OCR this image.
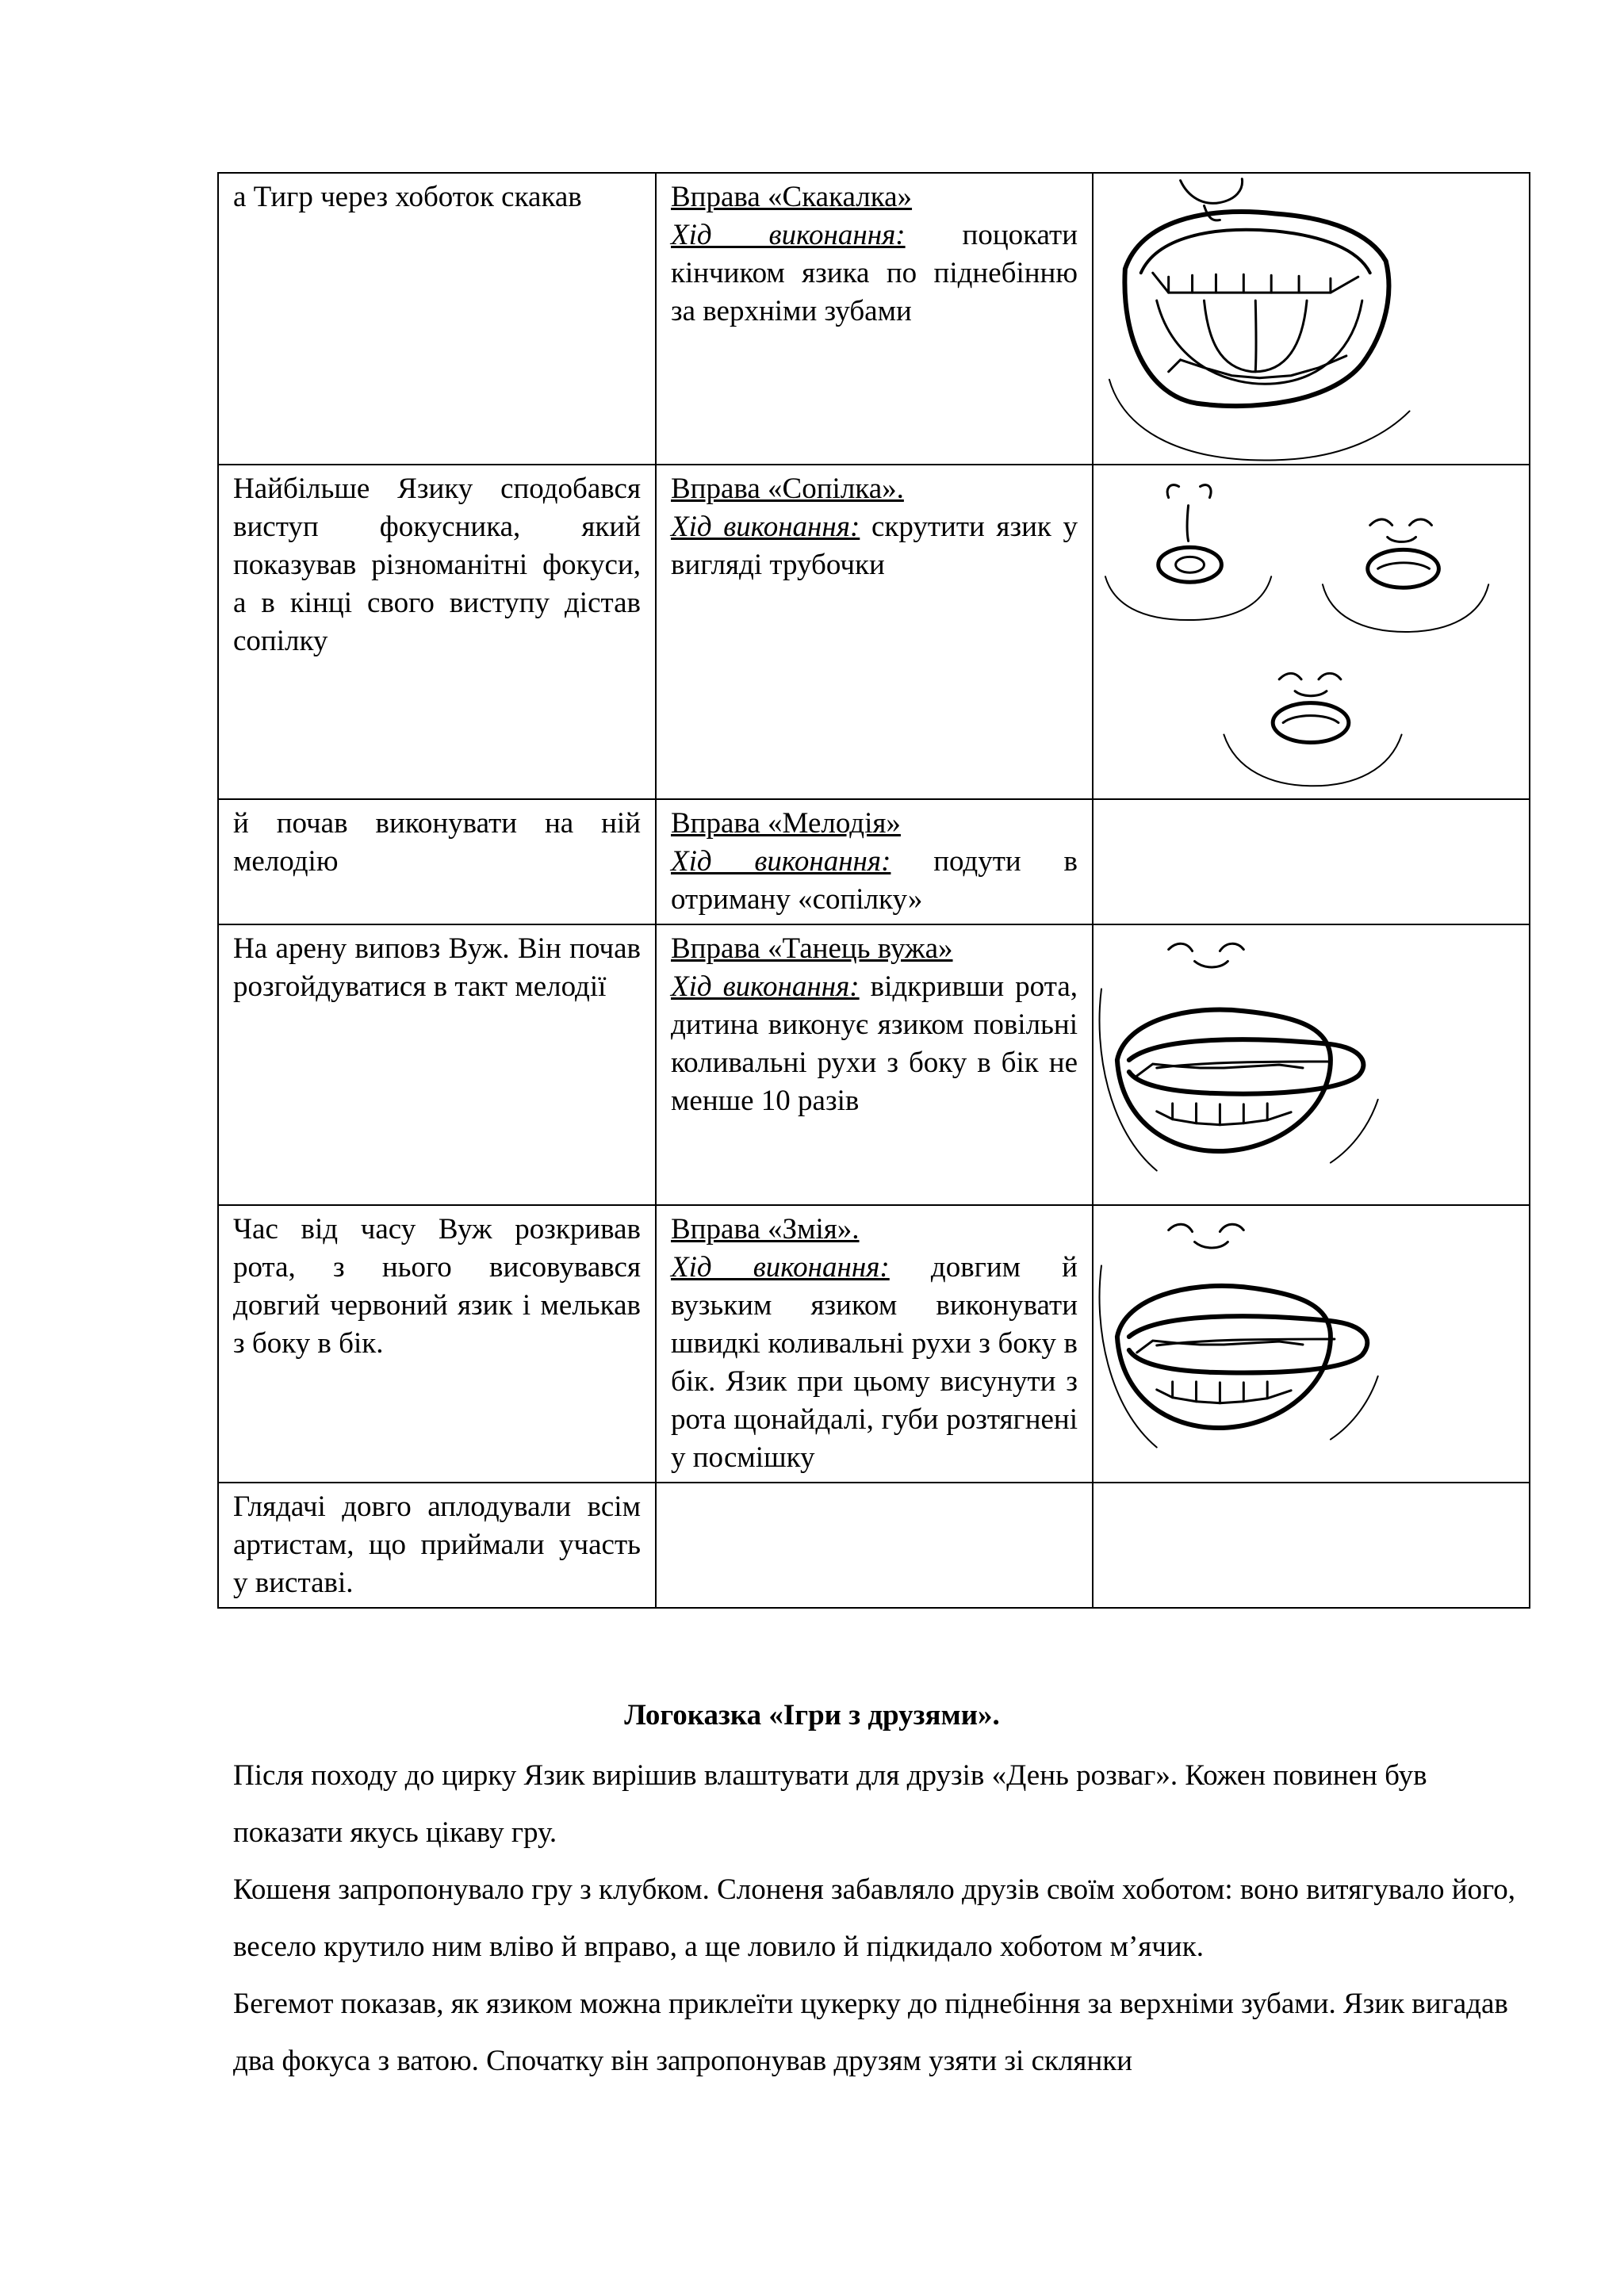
а Тигр через хоботок скакав	Вправа «Скакалка»
Хід виконання: поцокати кінчиком язика по піднебінню за верхніми зубами	

Найбільше Язику сподобався виступ фокусника, який показував різноманітні фокуси, а в кінці свого виступу дістав сопілку	Вправа «Сопілка».
Хід виконання: скрутити язик у вигляді трубочки	

й почав виконувати на ній мелодію	Вправа «Мелодія»
Хід виконання: подути в отриману «сопілку»	
На арену виповз Вуж. Він почав розгойдуватися в такт мелодії	Вправа «Танець вужа»
Хід виконання: відкривши рота, дитина виконує язиком повільні коливальні рухи з боку в бік не менше 10 разів	

Час від часу Вуж розкривав рота, з нього висовувався довгий червоний язик і мелькав з боку в бік.	Вправа «Змія».
Хід виконання: довгим й вузьким язиком виконувати швидкі коливальні рухи з боку в бік. Язик при цьому висунути з рота щонайдалі, губи розтягнені у посмішку	

Глядачі довго аплодували всім артистам, що приймали участь у виставі.	

Логоказка «Ігри з друзями».

Після походу до цирку Язик вирішив влаштувати для друзів «День розваг». Кожен повинен був показати якусь цікаву гру.

Кошеня запропонувало гру з клубком. Слоненя забавляло друзів своїм хоботом: воно витягувало його, весело крутило ним вліво й вправо, а ще ловило й підкидало хоботом м’ячик.

Бегемот показав, як язиком можна приклеїти цукерку до піднебіння за верхніми зубами. Язик вигадав два фокуса з ватою. Спочатку він запропонував друзям узяти зі склянки
